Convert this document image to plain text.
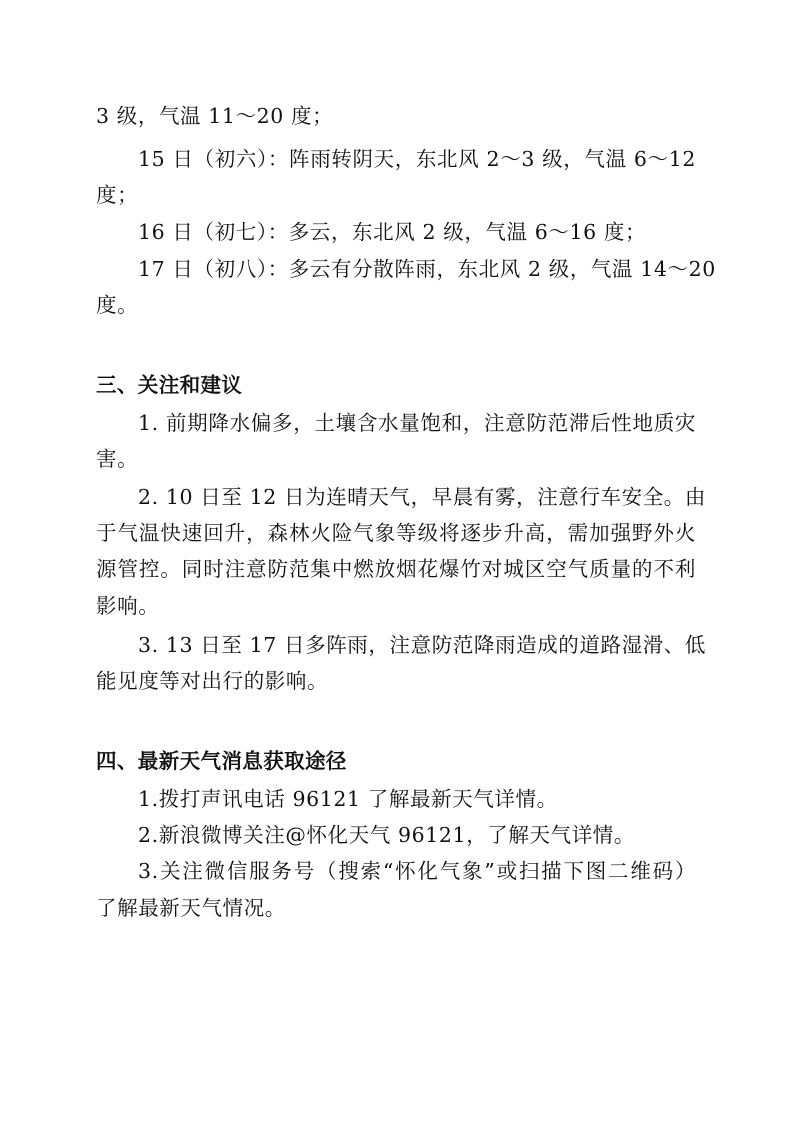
3 级，气温 11～20 度；
15 日（初六）：阵雨转阴天，东北风 2～3 级，气温 6～12
度；
16 日（初七）：多云，东北风 2 级，气温 6～16 度；
17 日（初八）：多云有分散阵雨，东北风 2 级，气温 14～20
度。
三、关注和建议
1. 前期降水偏多，土壤含水量饱和，注意防范滞后性地质灾
害。
2. 10 日至 12 日为连晴天气，早晨有雾，注意行车安全。由
于气温快速回升，森林火险气象等级将逐步升高，需加强野外火
源管控。同时注意防范集中燃放烟花爆竹对城区空气质量的不利
影响。
3. 13 日至 17 日多阵雨，注意防范降雨造成的道路湿滑、低
能见度等对出行的影响。
四、最新天气消息获取途径
1.拨打声讯电话 96121 了解最新天气详情。
2.新浪微博关注@怀化天气 96121，了解天气详情。
3.关注微信服务号（搜索“怀化气象”或扫描下图二维码）
了解最新天气情况。
